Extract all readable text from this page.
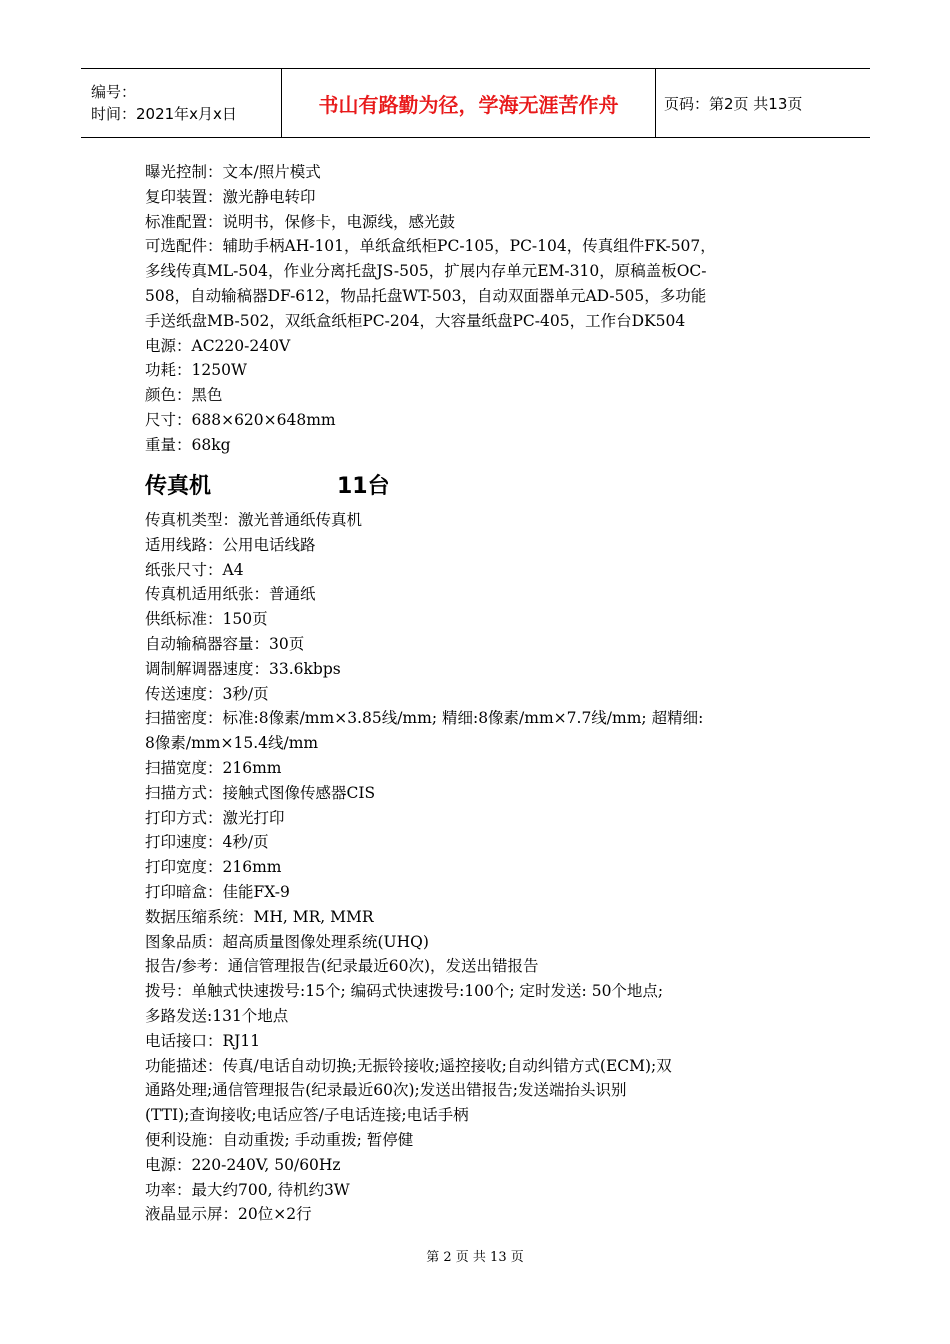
编号：
时间：2021年x月x日	书山有路勤为径，学海无涯苦作舟	页码：第2页 共13页

曝光控制：文本/照片模式

复印装置：激光静电转印

标准配置：说明书，保修卡，电源线，感光鼓

可选配件：辅助手柄AH-101，单纸盒纸柜PC-105，PC-104，传真组件FK-507，

多线传真ML-504，作业分离托盘JS-505，扩展内存单元EM-310，原稿盖板OC-

508，自动输稿器DF-612，物品托盘WT-503，自动双面器单元AD-505，多功能

手送纸盘MB-502，双纸盒纸柜PC-204，大容量纸盘PC-405，工作台DK504

电源：AC220-240V

功耗：1250W

颜色：黑色

尺寸：688×620×648mm

重量：68kg

传真机	11台

传真机类型：激光普通纸传真机

适用线路：公用电话线路

纸张尺寸：A4

传真机适用纸张：普通纸

供纸标准：150页

自动输稿器容量：30页

调制解调器速度：33.6kbps

传送速度：3秒/页

扫描密度：标准:8像素/mm×3.85线/mm; 精细:8像素/mm×7.7线/mm; 超精细:

8像素/mm×15.4线/mm

扫描宽度：216mm

扫描方式：接触式图像传感器CIS

打印方式：激光打印

打印速度：4秒/页

打印宽度：216mm

打印暗盒：佳能FX-9

数据压缩系统：MH, MR, MMR

图象品质：超高质量图像处理系统(UHQ)

报告/参考：通信管理报告(纪录最近60次)，发送出错报告

拨号：单触式快速拨号:15个; 编码式快速拨号:100个; 定时发送: 50个地点;

多路发送:131个地点

电话接口：RJ11

功能描述：传真/电话自动切换;无振铃接收;遥控接收;自动纠错方式(ECM);双

通路处理;通信管理报告(纪录最近60次);发送出错报告;发送端抬头识别

(TTI);查询接收;电话应答/子电话连接;电话手柄

便利设施：自动重拨; 手动重拨; 暂停健

电源：220-240V, 50/60Hz

功率：最大约700, 待机约3W

液晶显示屏：20位×2行

第 2 页 共 13 页
